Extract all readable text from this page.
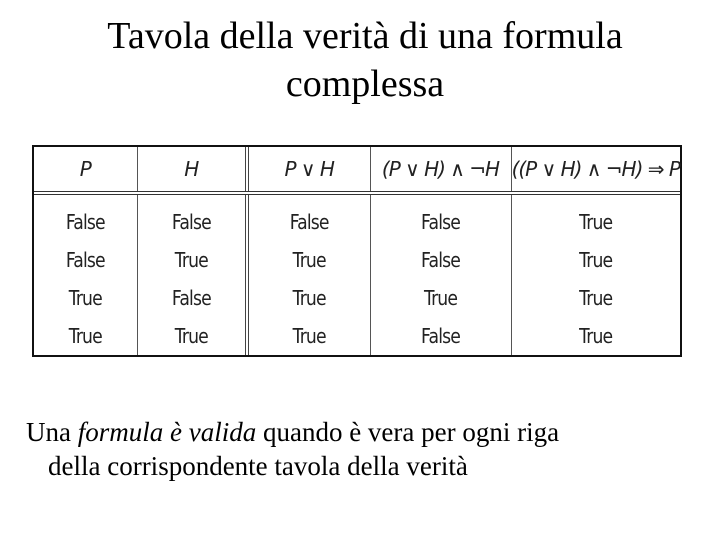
Tavola della verità di una formula
complessa
P	H	P ∨ H	(P ∨ H) ∧ ¬H	((P ∨ H) ∧ ¬H) ⇒ P
False	False	False	False	True
False	True	True	False	True
True	False	True	True	True
True	True	True	False	True
Una formula è valida quando è vera per ogni riga
della corrispondente tavola della verità
